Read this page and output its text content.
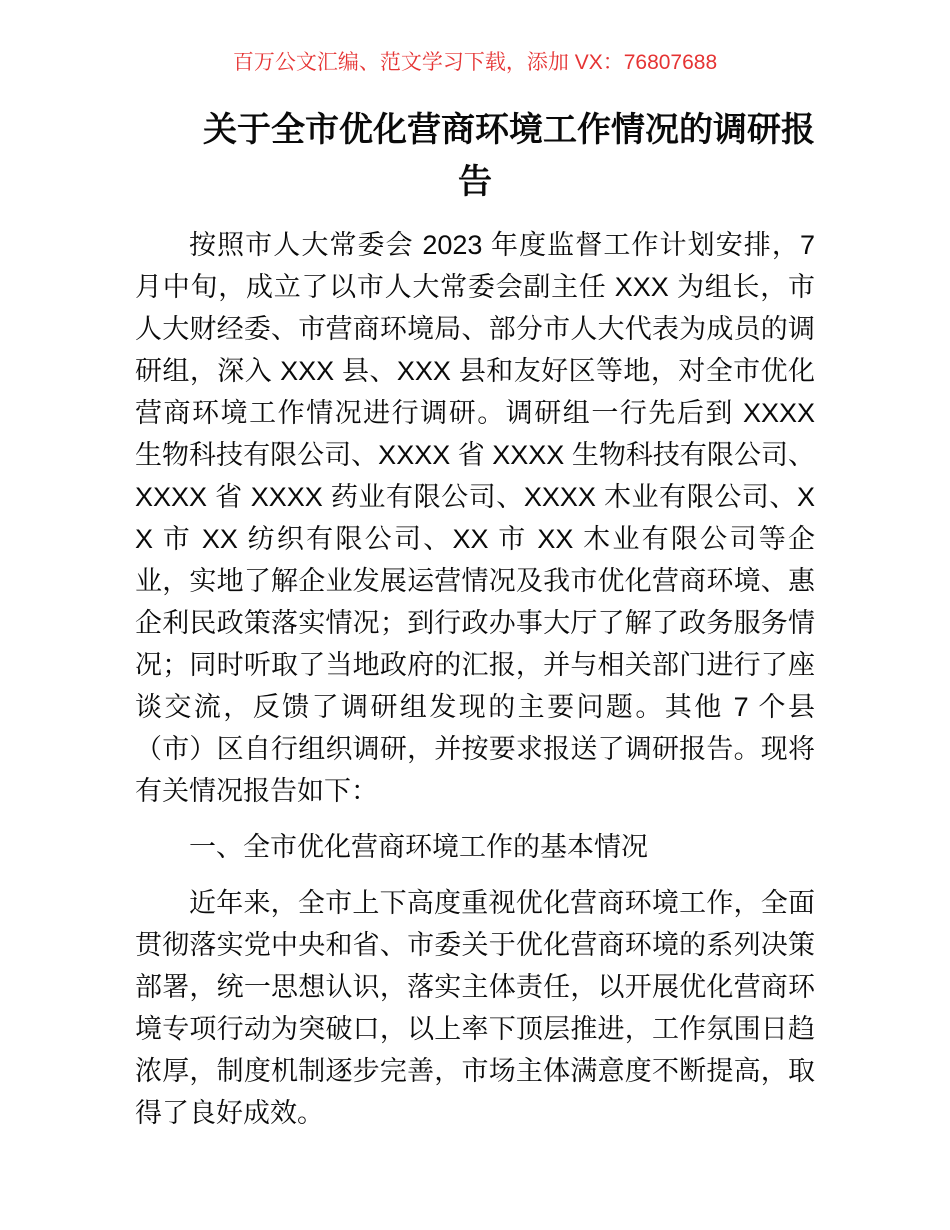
百万公文汇编、范文学习下载，添加 VX：76807688
关于全市优化营商环境工作情况的调研报告

按照市人大常委会 2023 年度监督工作计划安排，7 月中旬，成立了以市人大常委会副主任 XXX 为组长，市人大财经委、市营商环境局、部分市人大代表为成员的调研组，深入 XXX 县、XXX 县和友好区等地，对全市优化营商环境工作情况进行调研。调研组一行先后到 XXXX 生物科技有限公司、XXXX 省 XXXX 生物科技有限公司、XXXX 省 XXXX 药业有限公司、XXXX 木业有限公司、XX 市 XX 纺织有限公司、XX 市 XX 木业有限公司等企业，实地了解企业发展运营情况及我市优化营商环境、惠企利民政策落实情况；到行政办事大厅了解了政务服务情况；同时听取了当地政府的汇报，并与相关部门进行了座谈交流，反馈了调研组发现的主要问题。其他 7 个县（市）区自行组织调研，并按要求报送了调研报告。现将有关情况报告如下：

一、全市优化营商环境工作的基本情况

近年来，全市上下高度重视优化营商环境工作，全面贯彻落实党中央和省、市委关于优化营商环境的系列决策部署，统一思想认识，落实主体责任，以开展优化营商环境专项行动为突破口，以上率下顶层推进，工作氛围日趋浓厚，制度机制逐步完善，市场主体满意度不断提高，取得了良好成效。
